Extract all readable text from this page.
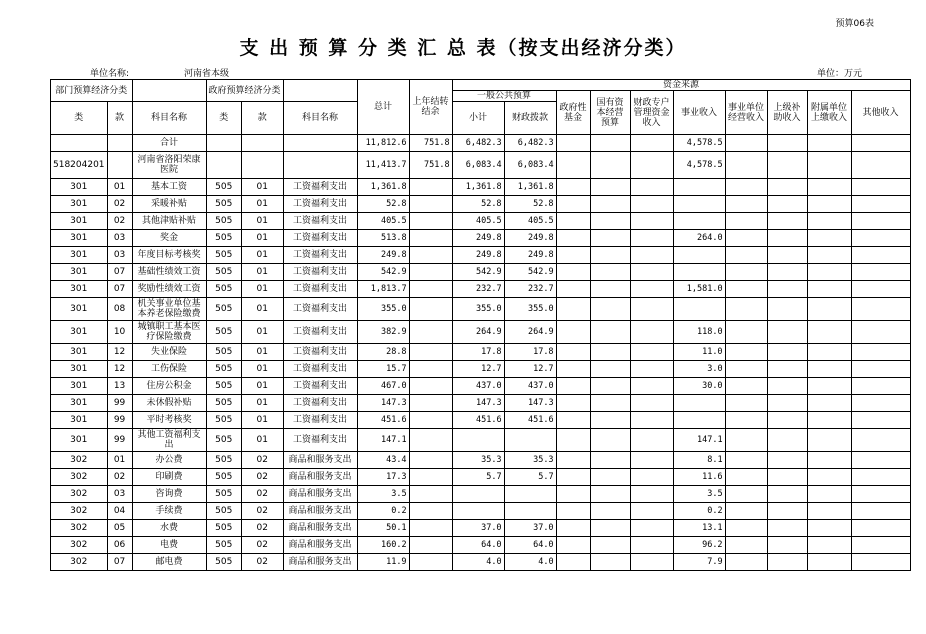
预算06表
支 出 预 算 分 类 汇 总 表（按支出经济分类）
单位名称:	河南省本级	单位：万元
部门预算经济分类			政府预算经济分类			总计	上年结转结余	资金来源									
								一般公共预算		政府性基金	国有资本经营预算	财政专户管理资金收入	事业收入	事业单位经营收入	上级补助收入	附属单位上缴收入	其他收入
类	款	科目名称	类	款	科目名称			小计	财政拨款								

		合计				11,812.6	751.8	6,482.3	6,482.3				4,578.5				
518204201		河南省洛阳荣康医院				11,413.7	751.8	6,083.4	6,083.4				4,578.5				
301	01	基本工资	505	01	工资福利支出	1,361.8		1,361.8	1,361.8								
301	02	采暖补贴	505	01	工资福利支出	52.8		52.8	52.8								
301	02	其他津贴补贴	505	01	工资福利支出	405.5		405.5	405.5								
301	03	奖金	505	01	工资福利支出	513.8		249.8	249.8				264.0				
301	03	年度目标考核奖	505	01	工资福利支出	249.8		249.8	249.8								
301	07	基础性绩效工资	505	01	工资福利支出	542.9		542.9	542.9								
301	07	奖励性绩效工资	505	01	工资福利支出	1,813.7		232.7	232.7				1,581.0				
301	08	机关事业单位基本养老保险缴费	505	01	工资福利支出	355.0		355.0	355.0								
301	10	城镇职工基本医疗保险缴费	505	01	工资福利支出	382.9		264.9	264.9				118.0				
301	12	失业保险	505	01	工资福利支出	28.8		17.8	17.8				11.0				
301	12	工伤保险	505	01	工资福利支出	15.7		12.7	12.7				3.0				
301	13	住房公积金	505	01	工资福利支出	467.0		437.0	437.0				30.0				
301	99	未休假补贴	505	01	工资福利支出	147.3		147.3	147.3								
301	99	平时考核奖	505	01	工资福利支出	451.6		451.6	451.6								
301	99	其他工资福利支出	505	01	工资福利支出	147.1							147.1				
302	01	办公费	505	02	商品和服务支出	43.4		35.3	35.3				8.1				
302	02	印刷费	505	02	商品和服务支出	17.3		5.7	5.7				11.6				
302	03	咨询费	505	02	商品和服务支出	3.5							3.5				
302	04	手续费	505	02	商品和服务支出	0.2							0.2				
302	05	水费	505	02	商品和服务支出	50.1		37.0	37.0				13.1				
302	06	电费	505	02	商品和服务支出	160.2		64.0	64.0				96.2				
302	07	邮电费	505	02	商品和服务支出	11.9		4.0	4.0				7.9				
